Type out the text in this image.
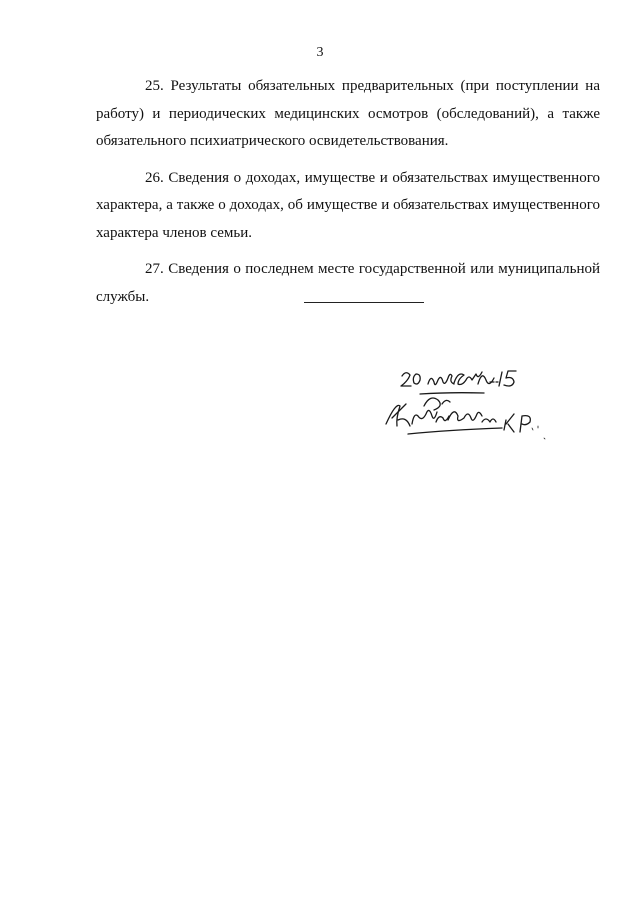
3

25. Результаты обязательных предварительных (при поступлении на работу) и периодических медицинских осмотров (обследований), а также обязательного психиатрического освидетельствования.

26. Сведения о доходах, имуществе и обязательствах имущественного характера, а также о доходах, об имуществе и обязательствах имущественного характера членов семьи.

27. Сведения о последнем месте государственной или муниципальной службы.
